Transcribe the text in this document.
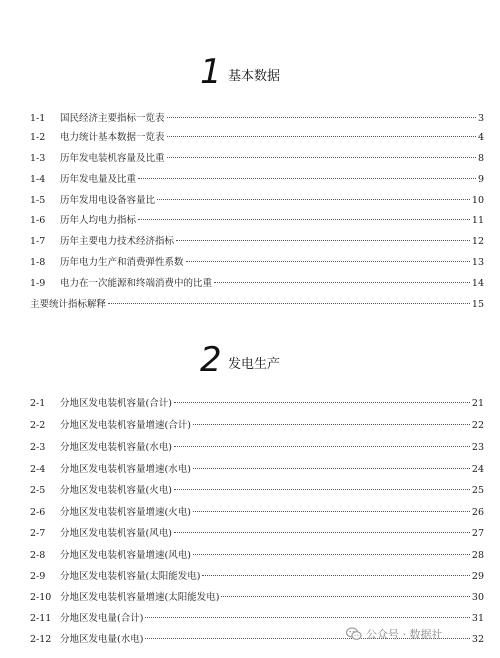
1 基本数据
1-1	国民经济主要指标一览表	3
1-2	电力统计基本数据一览表	4
1-3	历年发电装机容量及比重	8
1-4	历年发电量及比重	9
1-5	历年发用电设备容量比	10
1-6	历年人均电力指标	11
1-7	历年主要电力技术经济指标	12
1-8	历年电力生产和消费弹性系数	13
1-9	电力在一次能源和终端消费中的比重	14
主要统计指标解释	15
2 发电生产
2-1	分地区发电装机容量(合计)	21
2-2	分地区发电装机容量增速(合计)	22
2-3	分地区发电装机容量(水电)	23
2-4	分地区发电装机容量增速(水电)	24
2-5	分地区发电装机容量(火电)	25
2-6	分地区发电装机容量增速(火电)	26
2-7	分地区发电装机容量(风电)	27
2-8	分地区发电装机容量增速(风电)	28
2-9	分地区发电装机容量(太阳能发电)	29
2-10 分地区发电装机容量增速(太阳能发电)	30
2-11 分地区发电量(合计)	31
2-12 分地区发电量(水电)	32
公众号 · 数据社
